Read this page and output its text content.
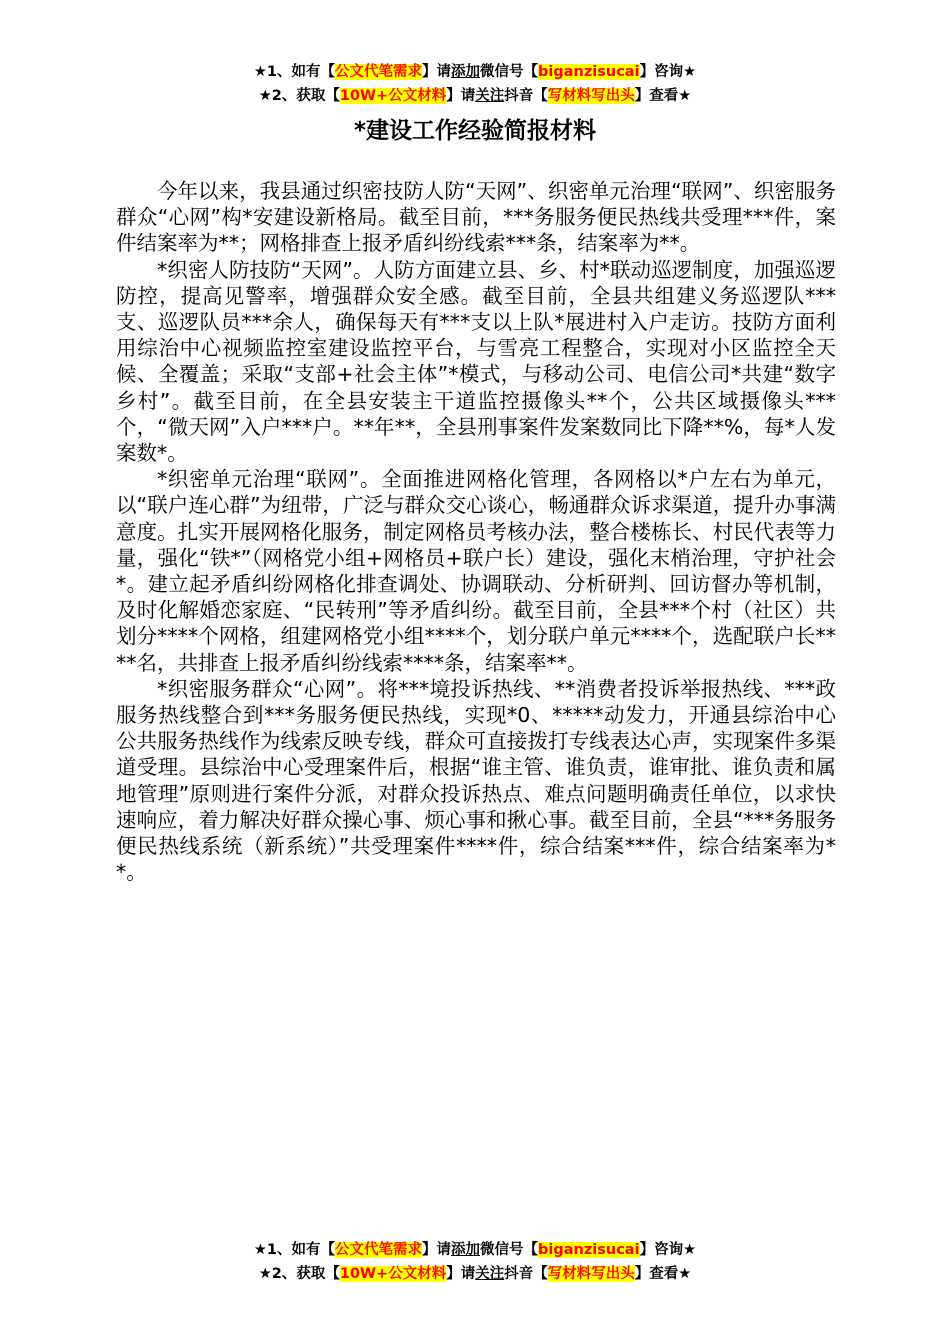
★1、如有【公文代笔需求】请添加微信号【biganzisucai】咨询★
★2、获取【10W+公文材料】请关注抖音【写材料写出头】查看★
*建设工作经验简报材料

今年以来，我县通过织密技防人防“天网”、织密单元治理“联网”、织密服务群众“心网”构*安建设新格局。截至目前，***务服务便民热线共受理***件，案件结案率为**；网格排查上报矛盾纠纷线索***条，结案率为**。

*织密人防技防“天网”。人防方面建立县、乡、村*联动巡逻制度，加强巡逻防控，提高见警率，增强群众安全感。截至目前，全县共组建义务巡逻队***支、巡逻队员***余人，确保每天有***支以上队*展进村入户走访。技防方面利用综治中心视频监控室建设监控平台，与雪亮工程整合，实现对小区监控全天候、全覆盖；采取“支部+社会主体”*模式，与移动公司、电信公司*共建“数字乡村”。截至目前，在全县安装主干道监控摄像头**个，公共区域摄像头***个，“微天网”入户***户。**年**，全县刑事案件发案数同比下降**%，每*人发案数*。

*织密单元治理“联网”。全面推进网格化管理，各网格以*户左右为单元，以“联户连心群”为纽带，广泛与群众交心谈心，畅通群众诉求渠道，提升办事满意度。扎实开展网格化服务，制定网格员考核办法，整合楼栋长、村民代表等力量，强化“铁*”（网格党小组+网格员+联户长）建设，强化末梢治理，守护社会*。建立起矛盾纠纷网格化排查调处、协调联动、分析研判、回访督办等机制，及时化解婚恋家庭、“民转刑”等矛盾纠纷。截至目前，全县***个村（社区）共划分****个网格，组建网格党小组****个，划分联户单元****个，选配联户长****名，共排查上报矛盾纠纷线索****条，结案率**。

*织密服务群众“心网”。将***境投诉热线、**消费者投诉举报热线、***政服务热线整合到***务服务便民热线，实现*0、*****动发力，开通县综治中心公共服务热线作为线索反映专线，群众可直接拨打专线表达心声，实现案件多渠道受理。县综治中心受理案件后，根据“谁主管、谁负责，谁审批、谁负责和属地管理”原则进行案件分派，对群众投诉热点、难点问题明确责任单位，以求快速响应，着力解决好群众操心事、烦心事和揪心事。截至目前，全县“***务服务便民热线系统（新系统）”共受理案件****件，综合结案***件，综合结案率为**。

★1、如有【公文代笔需求】请添加微信号【biganzisucai】咨询★
★2、获取【10W+公文材料】请关注抖音【写材料写出头】查看★
